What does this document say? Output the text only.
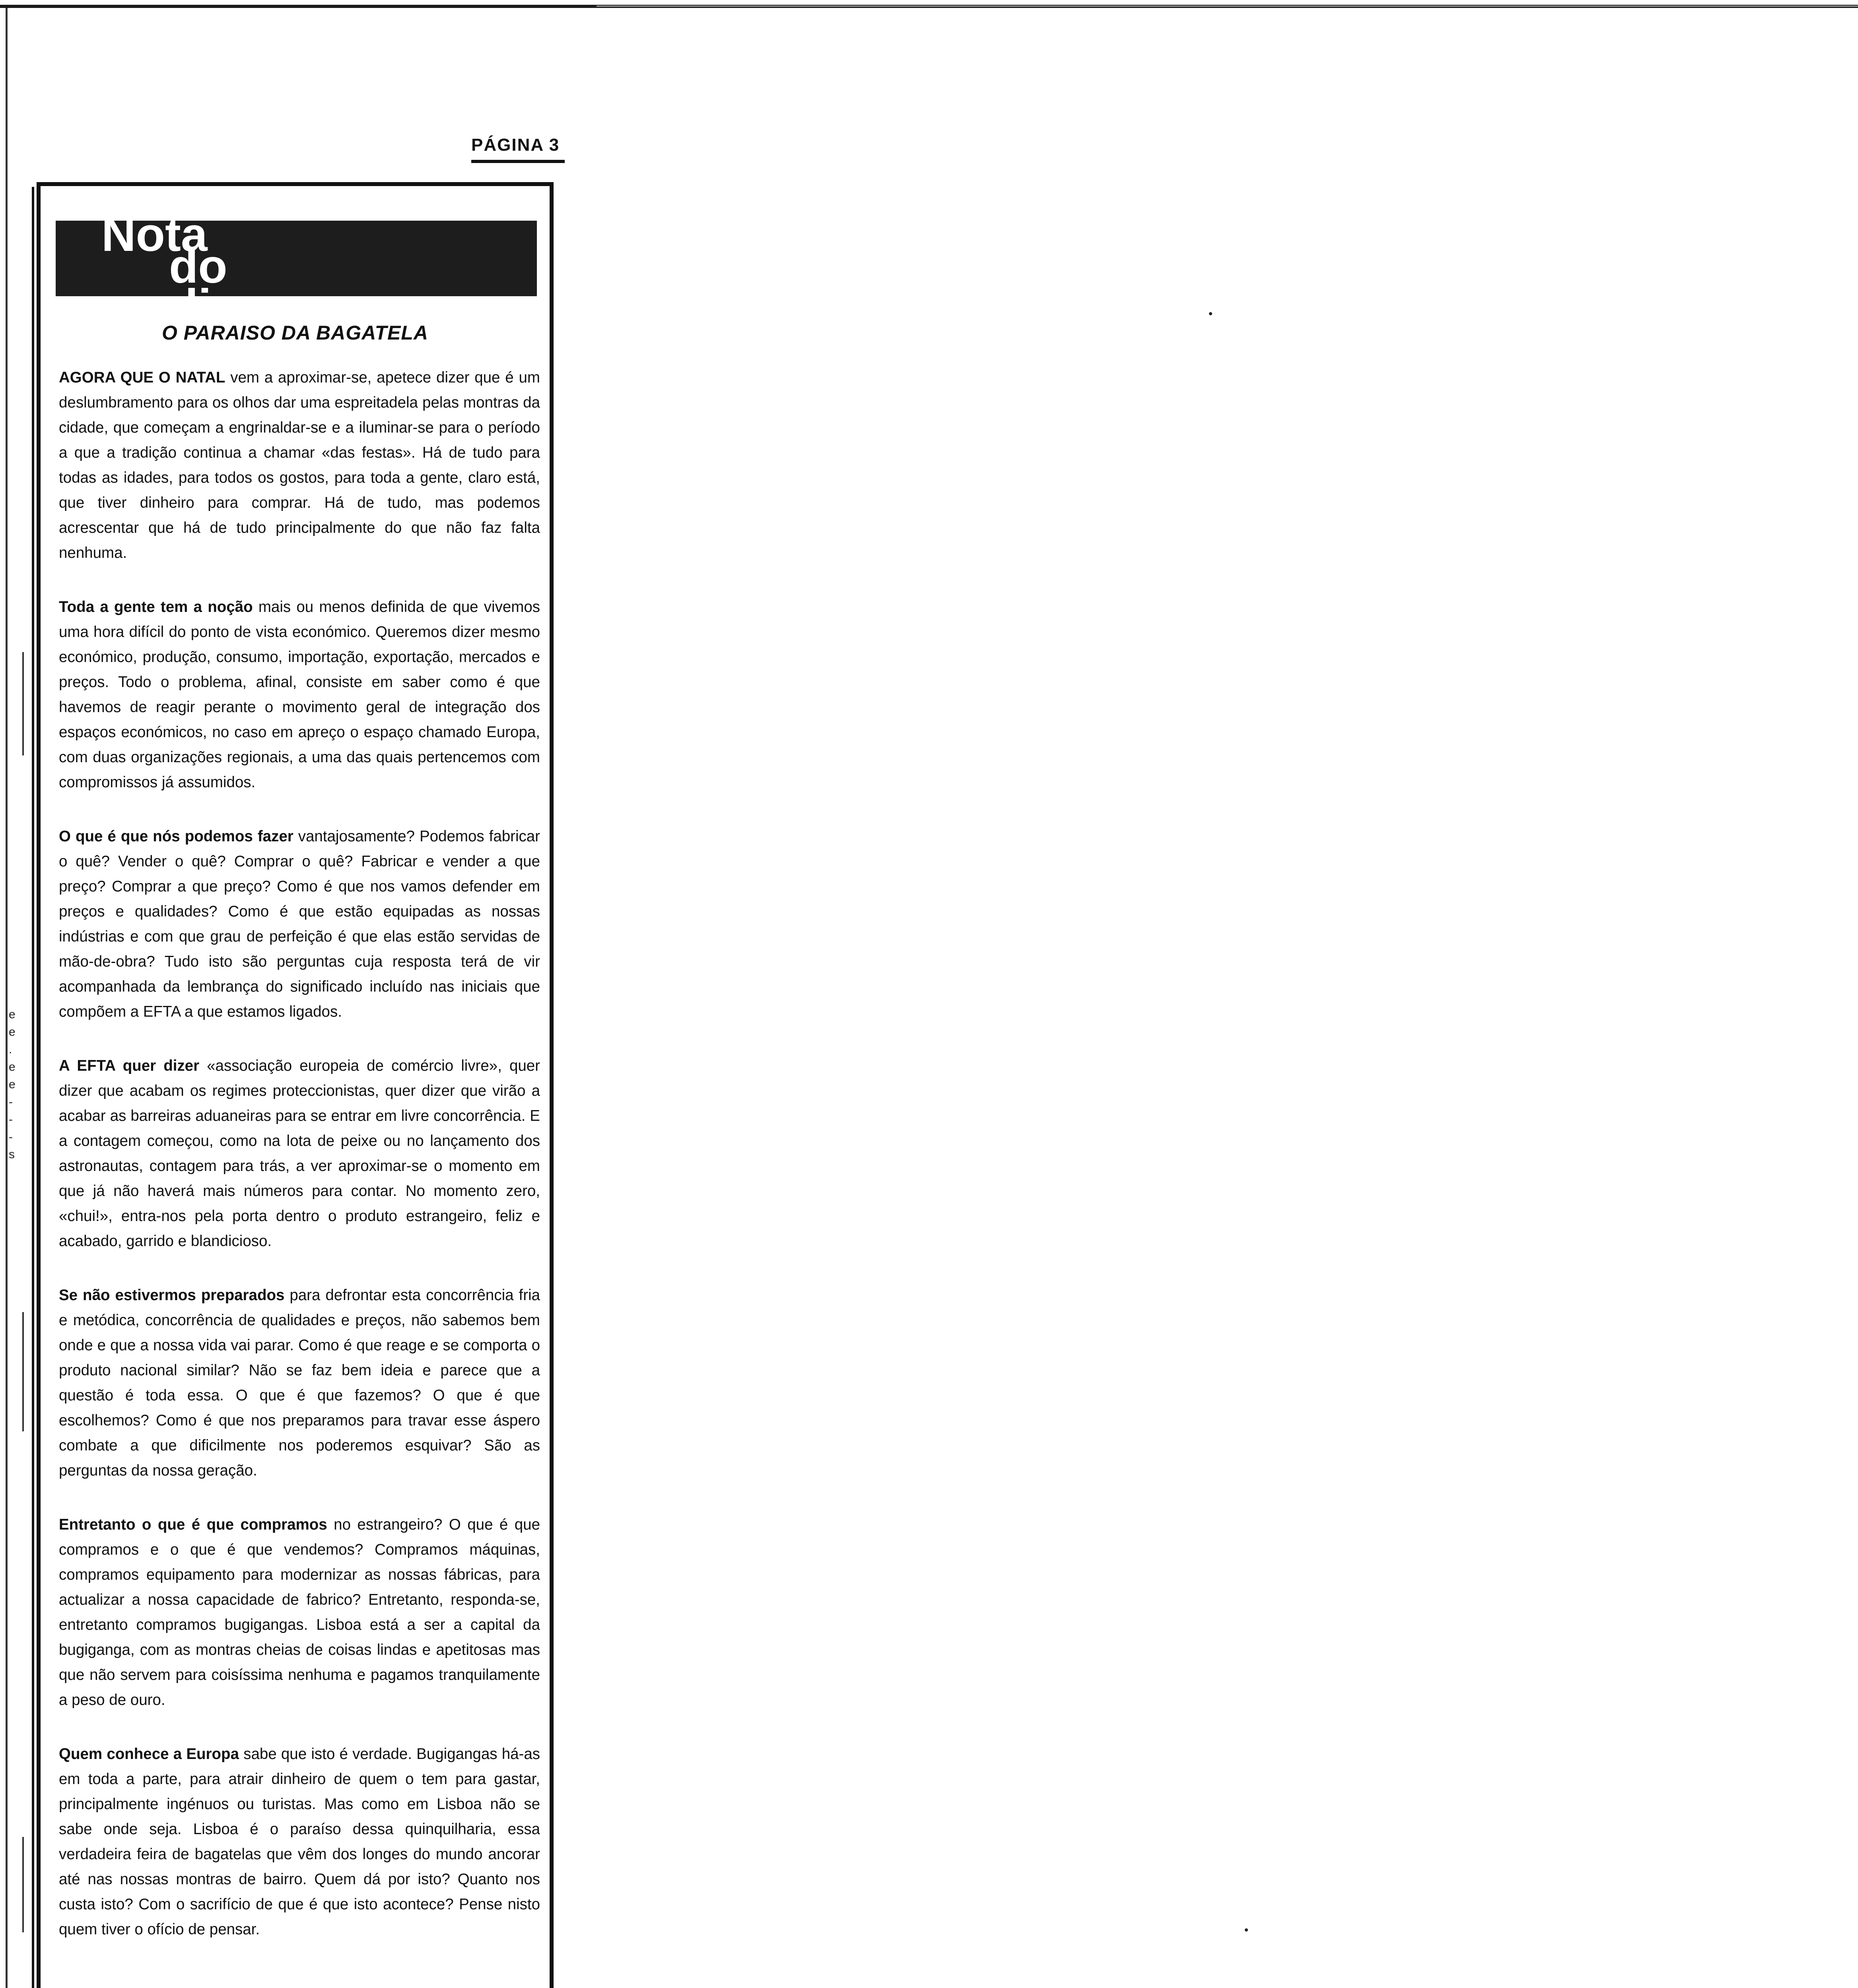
PÁGINA 3
e
e
.
e
e
-
-
-
s
Nota
do dia
O PARAISO DA BAGATELA

AGORA QUE O NATAL vem a aproximar-se, apetece dizer que é um deslumbramento para os olhos dar uma espreitadela pelas montras da cidade, que começam a engrinaldar-se e a iluminar-se para o período a que a tradição continua a chamar «das festas». Há de tudo para todas as idades, para todos os gostos, para toda a gente, claro está, que tiver dinheiro para comprar. Há de tudo, mas podemos acrescentar que há de tudo principalmente do que não faz falta nenhuma.

Toda a gente tem a noção mais ou menos definida de que vivemos uma hora difícil do ponto de vista económico. Queremos dizer mesmo económico, produção, consumo, importação, exportação, mercados e preços. Todo o problema, afinal, consiste em saber como é que havemos de reagir perante o movimento geral de integração dos espaços económicos, no caso em apreço o espaço chamado Europa, com duas organizações regionais, a uma das quais pertencemos com compromissos já assumidos.

O que é que nós podemos fazer vantajosamente? Podemos fabricar o quê? Vender o quê? Comprar o quê? Fabricar e vender a que preço? Comprar a que preço? Como é que nos vamos defender em preços e qualidades? Como é que estão equipadas as nossas indústrias e com que grau de perfeição é que elas estão servidas de mão-de-obra? Tudo isto são perguntas cuja resposta terá de vir acompanhada da lembrança do significado incluído nas iniciais que compõem a EFTA a que estamos ligados.

A EFTA quer dizer «associação europeia de comércio livre», quer dizer que acabam os regimes proteccionistas, quer dizer que virão a acabar as barreiras aduaneiras para se entrar em livre concorrência. E a contagem começou, como na lota de peixe ou no lançamento dos astronautas, contagem para trás, a ver aproximar-se o momento em que já não haverá mais números para contar. No momento zero, «chui!», entra-nos pela porta dentro o produto estrangeiro, feliz e acabado, garrido e blandicioso.

Se não estivermos preparados para defrontar esta concorrência fria e metódica, concorrência de qualidades e preços, não sabemos bem onde e que a nossa vida vai parar. Como é que reage e se comporta o produto nacional similar? Não se faz bem ideia e parece que a questão é toda essa. O que é que fazemos? O que é que escolhemos? Como é que nos preparamos para travar esse áspero combate a que dificilmente nos poderemos esquivar? São as perguntas da nossa geração.

Entretanto o que é que compramos no estrangeiro? O que é que compramos e o que é que vendemos? Compramos máquinas, compramos equipamento para modernizar as nossas fábricas, para actualizar a nossa capacidade de fabrico? Entretanto, responda-se, entretanto compramos bugigangas. Lisboa está a ser a capital da bugiganga, com as montras cheias de coisas lindas e apetitosas mas que não servem para coisíssima nenhuma e pagamos tranquilamente a peso de ouro.

Quem conhece a Europa sabe que isto é verdade. Bugigangas há-as em toda a parte, para atrair dinheiro de quem o tem para gastar, principalmente ingénuos ou turistas. Mas como em Lisboa não se sabe onde seja. Lisboa é o paraíso dessa quinquilharia, essa verdadeira feira de bagatelas que vêm dos longes do mundo ancorar até nas nossas montras de bairro. Quem dá por isto? Quanto nos custa isto? Com o sacrifício de que é que isto acontece? Pense nisto quem tiver o ofício de pensar.
